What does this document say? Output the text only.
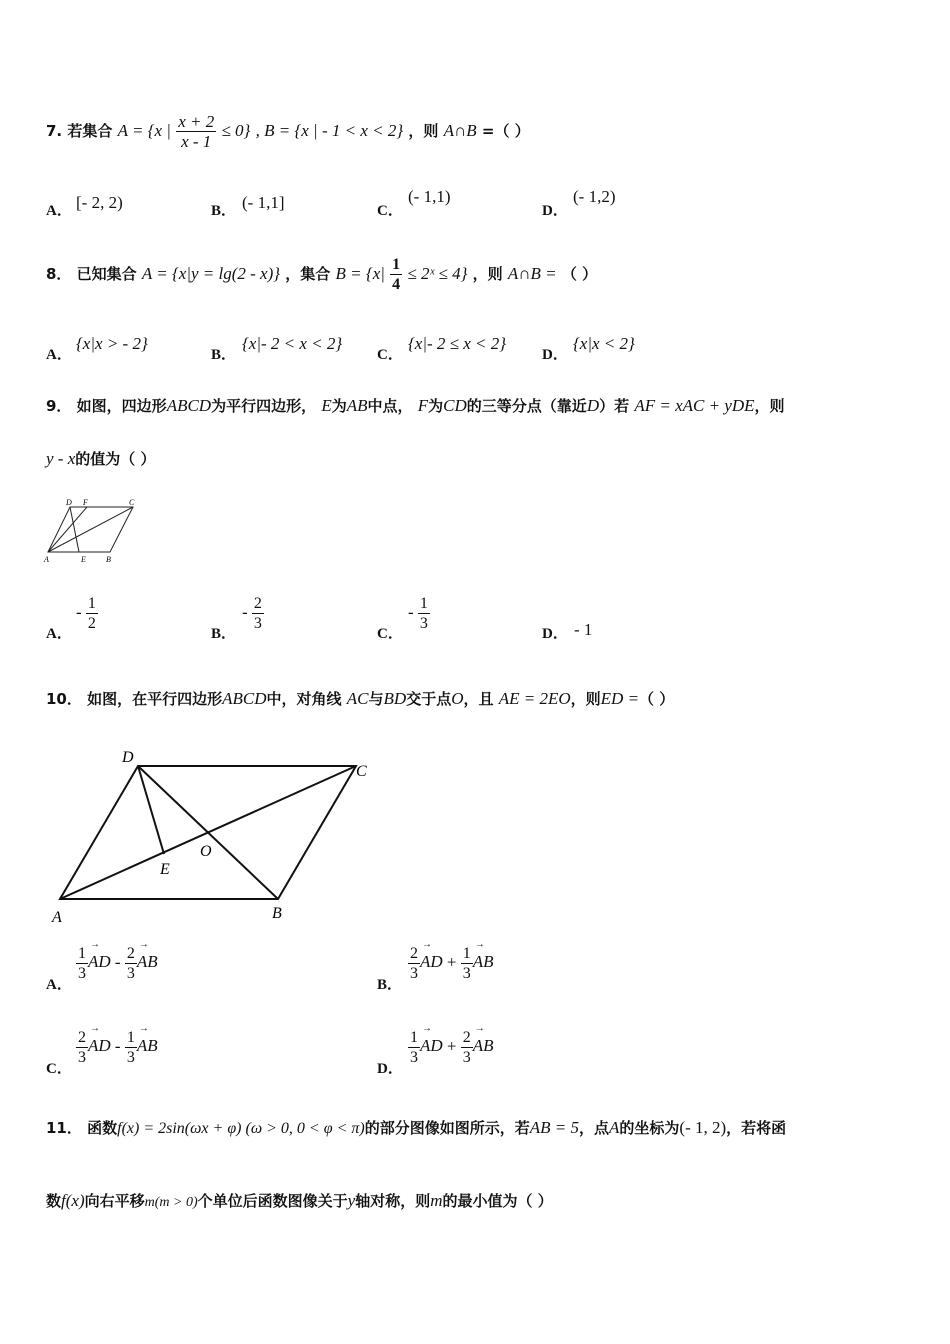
7. 若集合 A = {x | $\frac{x + 2}{x - 1} \le 0$} , B = {x | - 1 < x < 2} ，则 A∩B =（ ）
A． [- 2, 2)	B． (- 1,1]	C．
(- 1,1)
D．
(- 1,2)
8． 已知集合 A = {x|y = lg(2 - x)} ，集合 $B = \{x| \frac{1}{4}$ ≤ 2ˣ ≤ 4} ，则 A∩B = （ ）
A．
{x|x > - 2}
B．
{x|- 2 < x < 2}
C．
{x|- 2 ≤ x < 2}
D．
{x|x < 2}
9． 如图，四边形ABCD为平行四边形， E为AB中点， F为CD的三等分点（靠近D）若 AF = xAC + yDE，则
y - x的值为（ ）
D F	C
A	E	B
A．
- $\frac{1}{2}$
B．
- $\frac{2}{3}$
C．
- $\frac{1}{3}$
D． - 1
10． 如图，在平行四边形ABCD中，对角线 AC与BD交于点O，且 AE = 2EO，则ED =（ ）
D
C
A	B
E
O
A．
$\frac{1}{3}$ → AD - $\frac{2}{3}$ → AB
B．
$\frac{2}{3}$ → AD + $\frac{1}{3}$ → AB
C．
$\frac{2}{3}$ → AD - $\frac{1}{3}$ → AB
D．
$\frac{1}{3}$ → AD + $\frac{2}{3}$ → AB
11． 函数f(x) = 2sin(ωx + φ) (ω > 0, 0 < φ < π)的部分图像如图所示，若AB = 5，点A的坐标为(- 1, 2)，若将函
数f(x)向右平移m(m > 0)个单位后函数图像关于y轴对称，则m的最小值为（ ）
